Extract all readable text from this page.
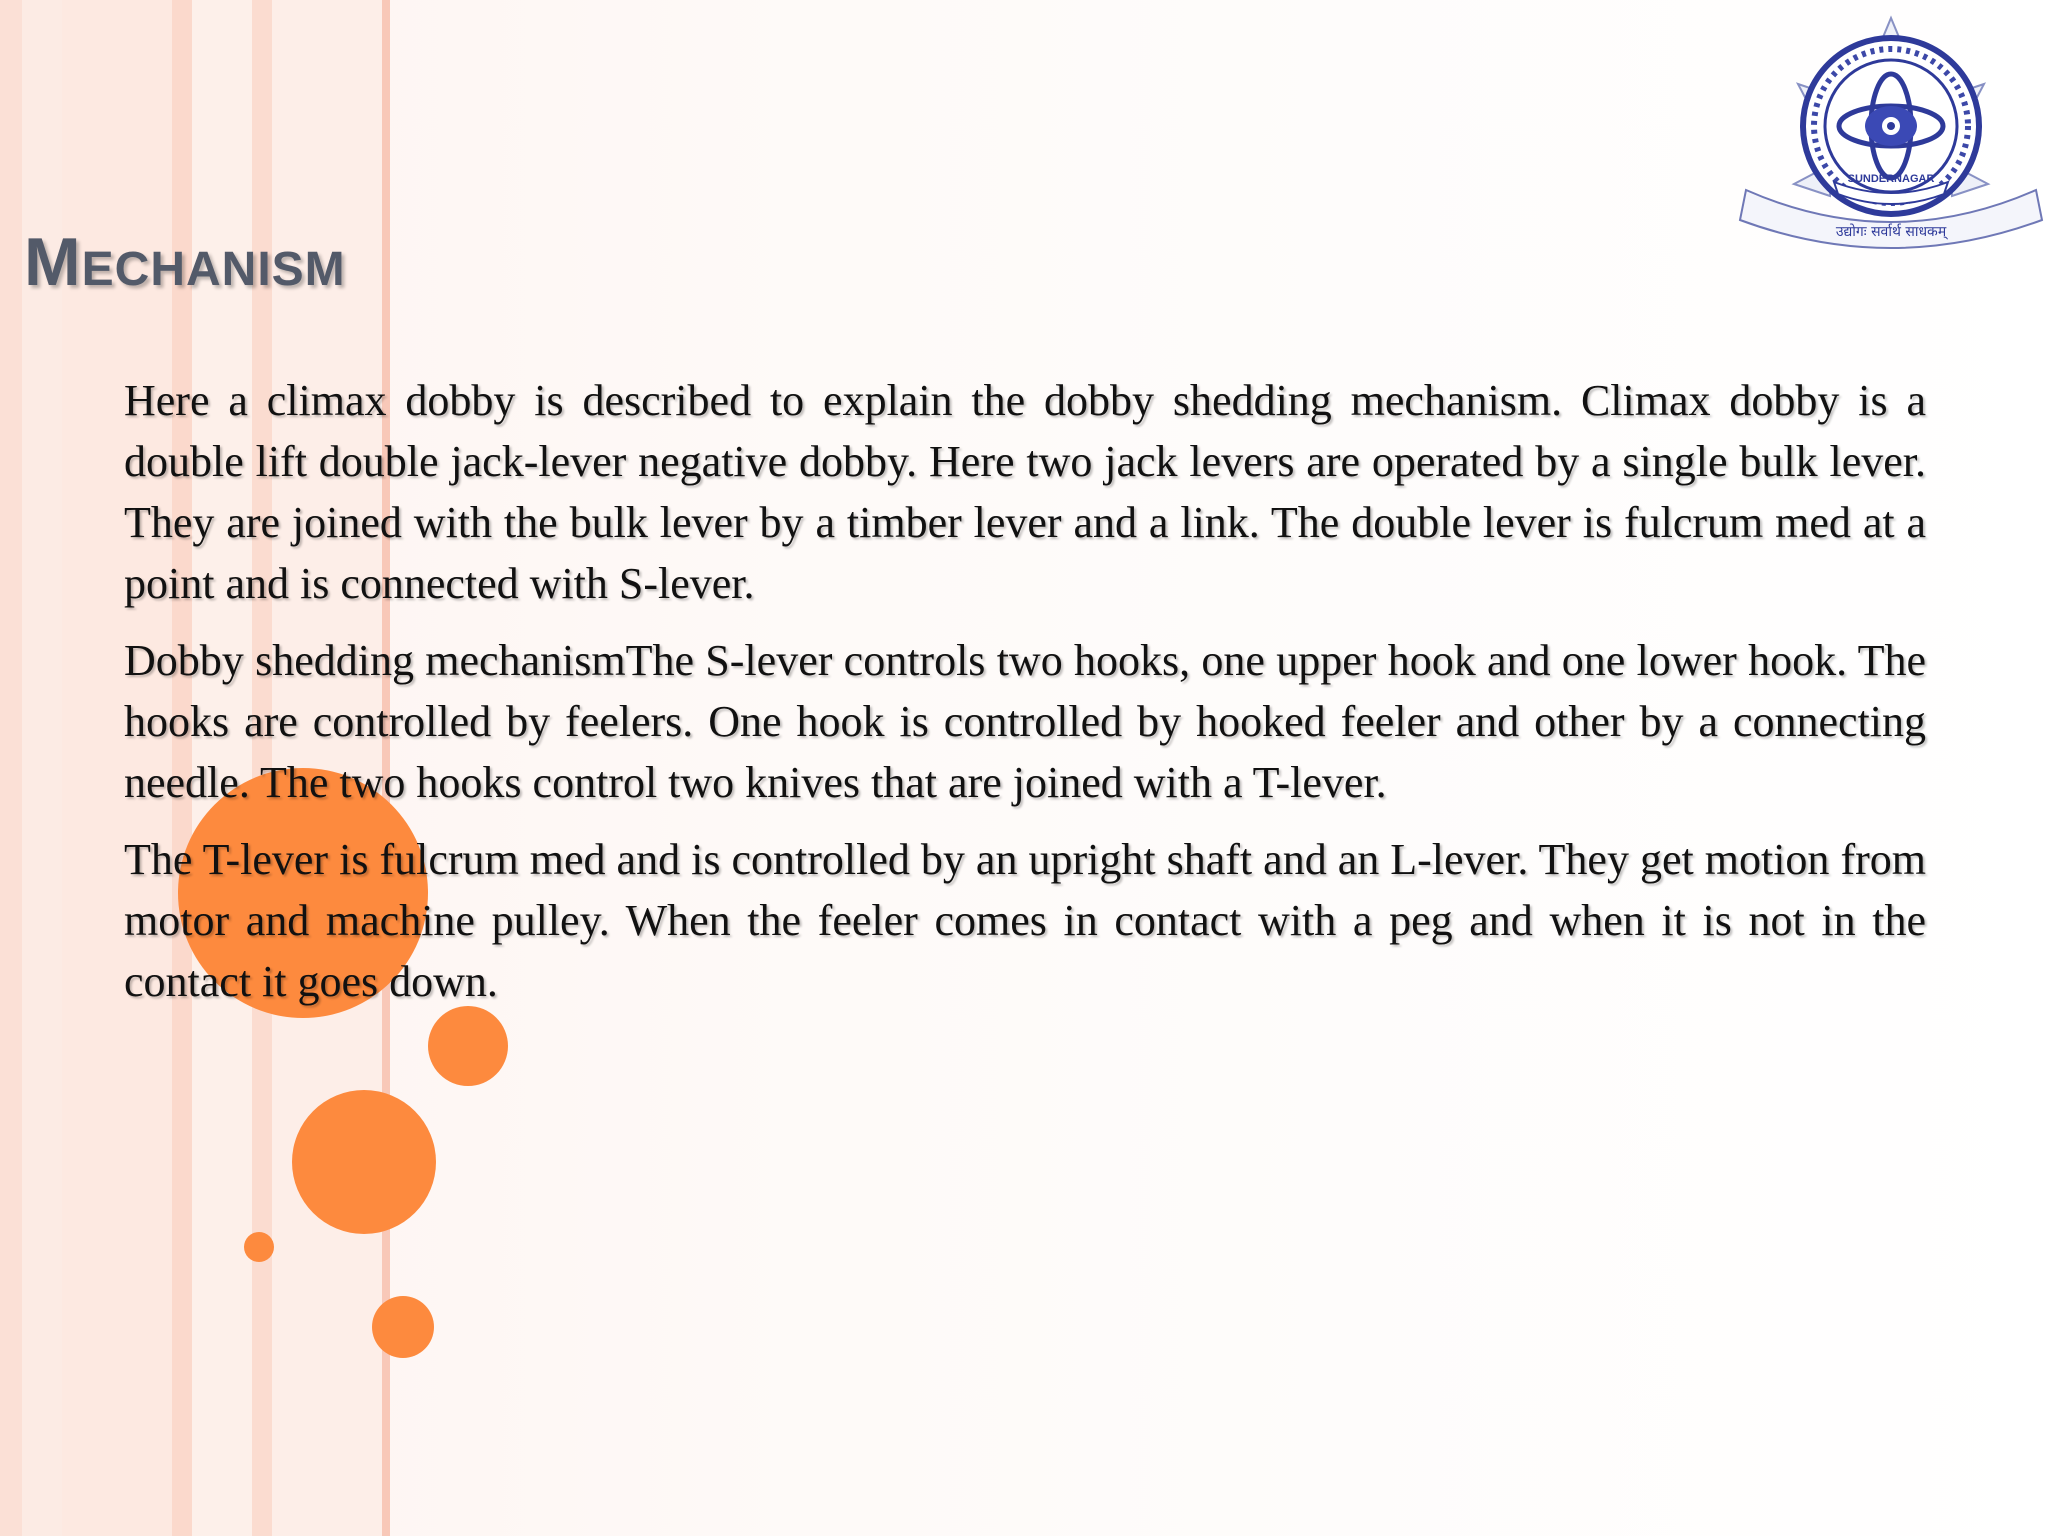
SUNDERNAGAR
उद्योगः सर्वार्थ साधकम्
Mechanism

Here a climax dobby is described to explain the dobby shedding mechanism. Climax dobby is a double lift double jack-lever negative dobby. Here two jack levers are operated by a single bulk lever. They are joined with the bulk lever by a timber lever and a link. The double lever is fulcrum med at a point and is connected with S-lever.

Dobby shedding mechanismThe S-lever controls two hooks, one upper hook and one lower hook. The hooks are controlled by feelers. One hook is controlled by hooked feeler and other by a connecting needle. The two hooks control two knives that are joined with a T-lever.

The T-lever is fulcrum med and is controlled by an upright shaft and an L-lever. They get motion from motor and machine pulley. When the feeler comes in contact with a peg and when it is not in the contact it goes down.
